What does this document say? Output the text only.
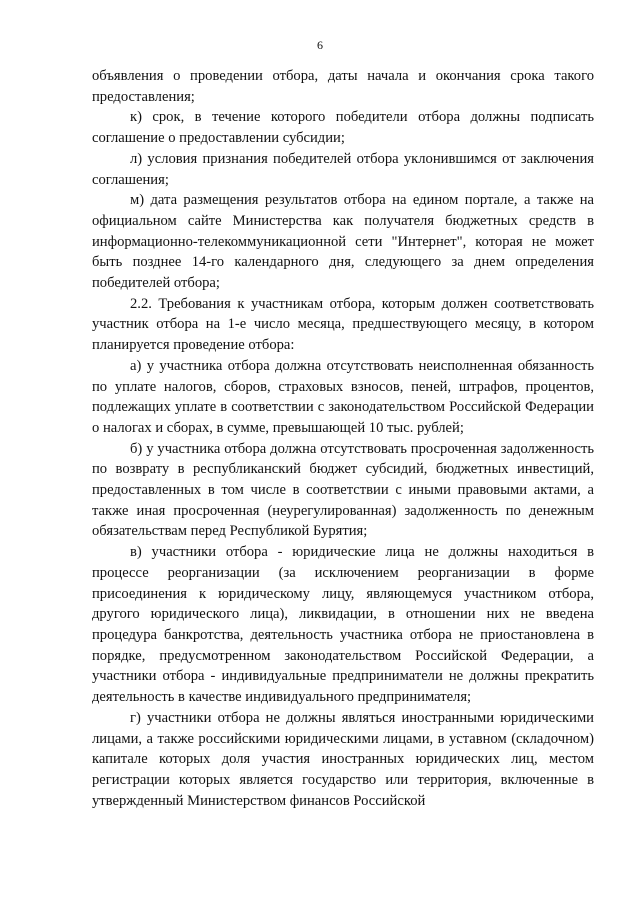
6

объявления о проведении отбора, даты начала и окончания срока такого предоставления;

к) срок, в течение которого победители отбора должны подписать соглашение о предоставлении субсидии;

л) условия признания победителей отбора уклонившимся от заключения соглашения;

м) дата размещения результатов отбора на едином портале, а также на официальном сайте Министерства как получателя бюджетных средств в информационно-телекоммуникационной сети "Интернет", которая не может быть позднее 14-го календарного дня, следующего за днем определения победителей отбора;

2.2. Требования к участникам отбора, которым должен соответствовать участник отбора на 1-е число месяца, предшествующего месяцу, в котором планируется проведение отбора:

а) у участника отбора должна отсутствовать неисполненная обязанность по уплате налогов, сборов, страховых взносов, пеней, штрафов, процентов, подлежащих уплате в соответствии с законодательством Российской Федерации о налогах и сборах, в сумме, превышающей 10 тыс. рублей;

б) у участника отбора должна отсутствовать просроченная задолженность по возврату в республиканский бюджет субсидий, бюджетных инвестиций, предоставленных в том числе в соответствии с иными правовыми актами, а также иная просроченная (неурегулированная) задолженность по денежным обязательствам перед Республикой Бурятия;

в) участники отбора - юридические лица не должны находиться в процессе реорганизации (за исключением реорганизации в форме присоединения к юридическому лицу, являющемуся участником отбора, другого юридического лица), ликвидации, в отношении них не введена процедура банкротства, деятельность участника отбора не приостановлена в порядке, предусмотренном законодательством Российской Федерации, а участники отбора - индивидуальные предприниматели не должны прекратить деятельность в качестве индивидуального предпринимателя;

г) участники отбора не должны являться иностранными юридическими лицами, а также российскими юридическими лицами, в уставном (складочном) капитале которых доля участия иностранных юридических лиц, местом регистрации которых является государство или территория, включенные в утвержденный Министерством финансов Российской
